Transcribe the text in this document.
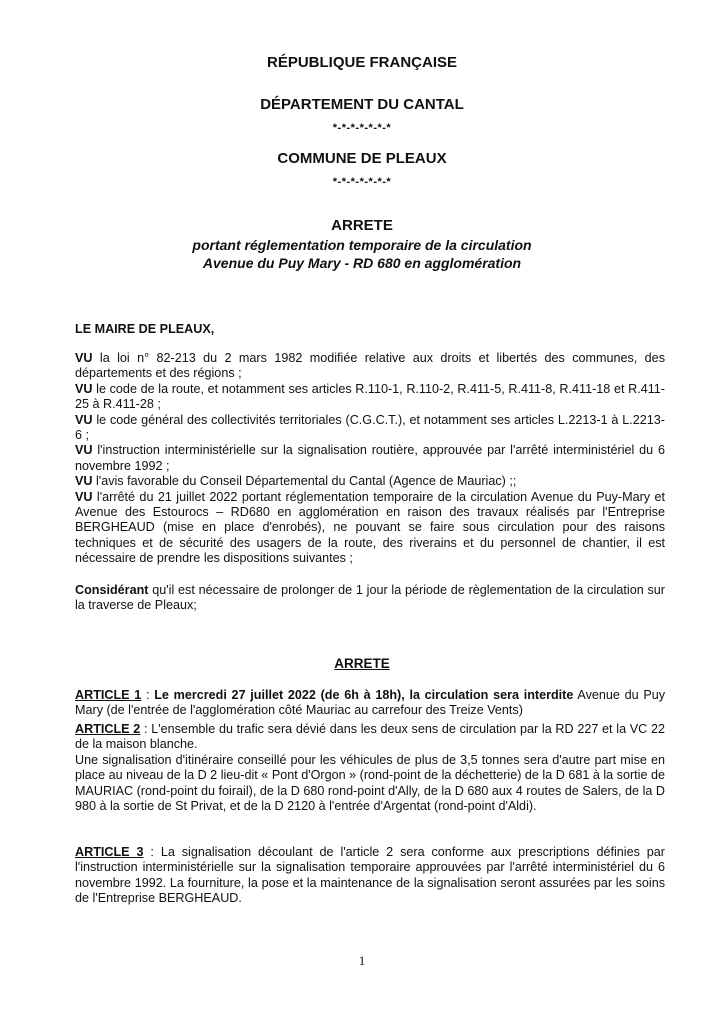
RÉPUBLIQUE FRANÇAISE
DÉPARTEMENT DU CANTAL
*-*-*-*-*-*-*
COMMUNE DE PLEAUX
*-*-*-*-*-*-*
ARRETE
portant réglementation temporaire de la circulation
Avenue du Puy Mary - RD 680 en agglomération
LE MAIRE DE PLEAUX,
VU la loi n° 82-213 du 2 mars 1982 modifiée relative aux droits et libertés des communes, des départements et des régions ;
VU le code de la route, et notamment ses articles R.110-1, R.110-2, R.411-5, R.411-8, R.411-18 et R.411-25 à R.411-28 ;
VU le code général des collectivités territoriales (C.G.C.T.), et notamment ses articles L.2213-1 à L.2213-6 ;
VU l'instruction interministérielle sur la signalisation routière, approuvée par l'arrêté interministériel du 6 novembre 1992 ;
VU l'avis favorable du Conseil Départemental du Cantal (Agence de Mauriac) ;;
VU l'arrêté du 21 juillet 2022 portant réglementation temporaire de la circulation Avenue du Puy-Mary et Avenue des Estourocs – RD680 en agglomération en raison des travaux réalisés par l'Entreprise BERGHEAUD (mise en place d'enrobés), ne pouvant se faire sous circulation pour des raisons techniques et de sécurité des usagers de la route, des riverains et du personnel de chantier, il est nécessaire de prendre les dispositions suivantes ;
Considérant qu'il est nécessaire de prolonger de 1 jour la période de règlementation de la circulation sur la traverse de Pleaux;
ARRETE
ARTICLE 1 : Le mercredi 27 juillet 2022 (de 6h à 18h), la circulation sera interdite Avenue du Puy Mary (de l'entrée de l'agglomération côté Mauriac au carrefour des Treize Vents)
ARTICLE 2 : L'ensemble du trafic sera dévié dans les deux sens de circulation par la RD 227 et la VC 22 de la maison blanche.
Une signalisation d'itinéraire conseillé pour les véhicules de plus de 3,5 tonnes sera d'autre part mise en place au niveau de la D 2 lieu-dit « Pont d'Orgon » (rond-point de la déchetterie) de la D 681 à la sortie de MAURIAC (rond-point du foirail), de la D 680 rond-point d'Ally, de la D 680 aux 4 routes de Salers, de la D 980 à la sortie de St Privat, et de la D 2120 à l'entrée d'Argentat (rond-point d'Aldi).
ARTICLE 3 : La signalisation découlant de l'article 2 sera conforme aux prescriptions définies par l'instruction interministérielle sur la signalisation temporaire approuvées par l'arrêté interministériel du 6 novembre 1992. La fourniture, la pose et la maintenance de la signalisation seront assurées par les soins de l'Entreprise BERGHEAUD.
1
